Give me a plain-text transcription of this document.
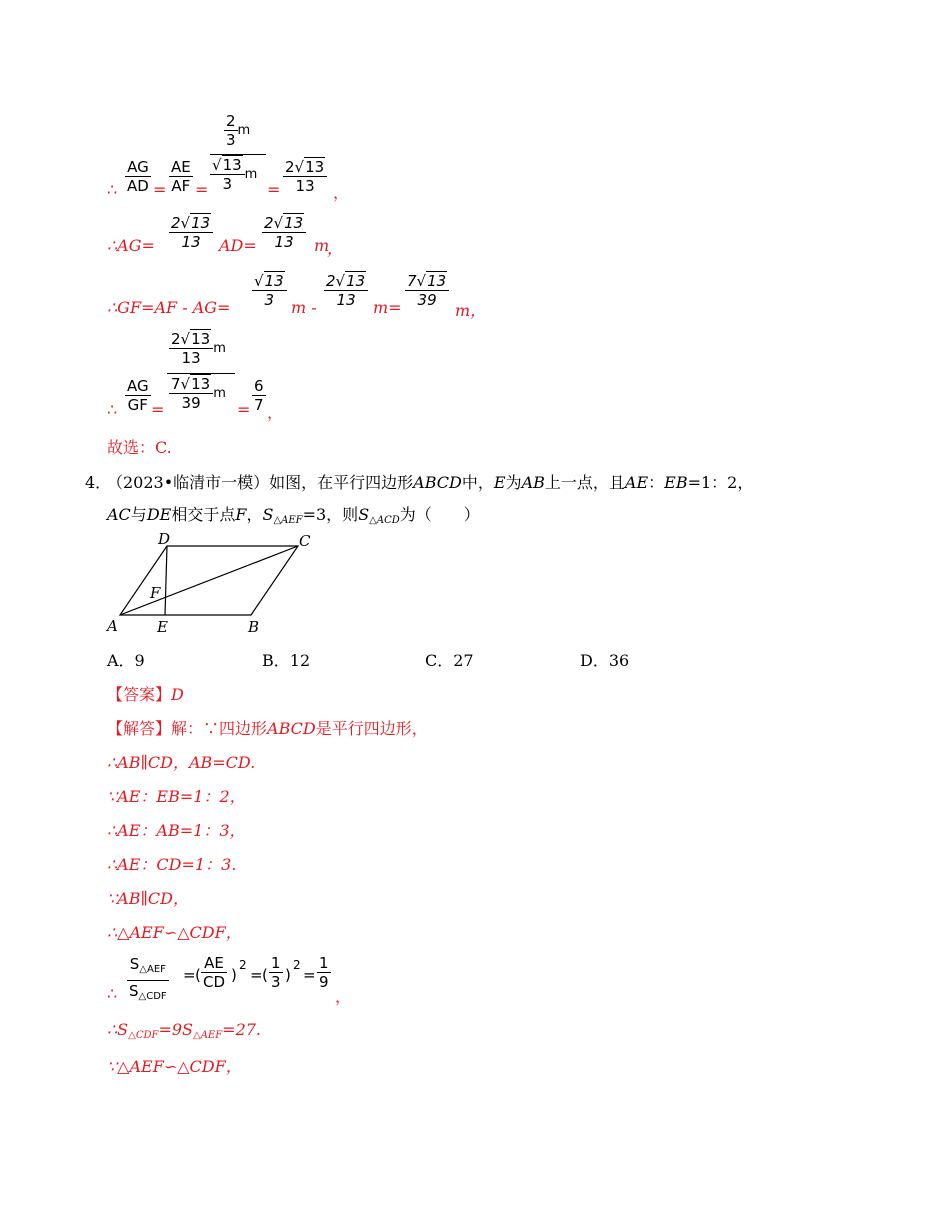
∴
AG
AD =
AE
AF =
$\frac{2}{3}$ m
$\frac{√13}{3}$ m
=
2√13
13	，
∴AG=
2√13
13	AD=
2√13
13	m
，
∴GF=AF - AG=
√13
3	m -
2√13
13	m=
7√13
39
m，
∴
AG
GF =
$\frac{2√13}{13}$ m
$\frac{7√13}{39}$ m
=
6
7 ，
故选：C.
4．
（2023•临清市一模）如图，在平行四边形ABCD中，E为AB上一点，且AE：EB=1：2，
AC与DE相交于点F，$S_{\triangle AEF}=3$，则$S_{\triangle ACD}$为（　　）
D	C
F
A	E	B
A．9	B．12	C．27	D．36
【答案】D
【解答】解：∵四边形ABCD是平行四边形，
∴AB∥CD，AB=CD.
∵AE：EB=1：2，
∴AE：AB=1：3，
∴AE：CD=1：3.
∵AB∥CD，
∴△AEF∽△CDF，
∴
$S_{\triangle AEF}$
$S_{\triangle CDF}$
= (
AE
CD )
2
= (
1
3 )
2
=
1
9
，
$\therefore S_{\triangle CDF}=9S_{\triangle AEF}=27$.
∵△AEF∽△CDF，
